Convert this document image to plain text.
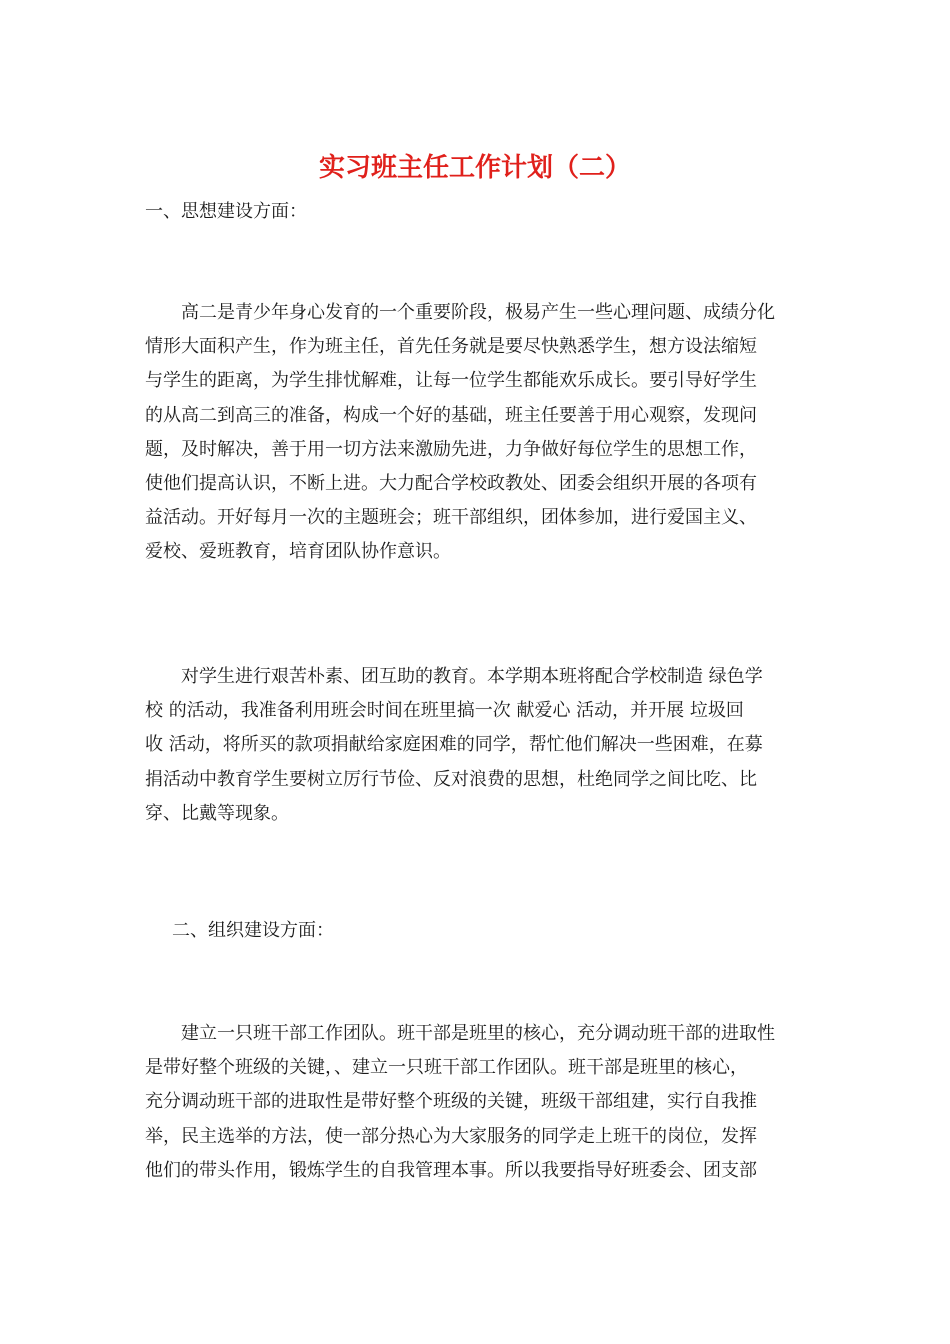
实习班主任工作计划（二）

一、思想建设方面：

　　高二是青少年身心发育的一个重要阶段，极易产生一些心理问题、成绩分化
情形大面积产生，作为班主任，首先任务就是要尽快熟悉学生，想方设法缩短
与学生的距离，为学生排忧解难，让每一位学生都能欢乐成长。要引导好学生
的从高二到高三的准备，构成一个好的基础，班主任要善于用心观察，发现问
题，及时解决，善于用一切方法来激励先进，力争做好每位学生的思想工作，
使他们提高认识，不断上进。大力配合学校政教处、团委会组织开展的各项有
益活动。开好每月一次的主题班会；班干部组织，团体参加，进行爱国主义、
爱校、爱班教育，培育团队协作意识。
　　对学生进行艰苦朴素、团互助的教育。本学期本班将配合学校制造 绿色学
校 的活动，我准备利用班会时间在班里搞一次 献爱心 活动，并开展 垃圾回
收 活动，将所买的款项捐献给家庭困难的同学，帮忙他们解决一些困难，在募
捐活动中教育学生要树立厉行节俭、反对浪费的思想，杜绝同学之间比吃、比
穿、比戴等现象。

二、组织建设方面：

　　建立一只班干部工作团队。班干部是班里的核心，充分调动班干部的进取性
是带好整个班级的关键，、建立一只班干部工作团队。班干部是班里的核心，
充分调动班干部的进取性是带好整个班级的关键，班级干部组建，实行自我推
举，民主选举的方法，使一部分热心为大家服务的同学走上班干的岗位，发挥
他们的带头作用，锻炼学生的自我管理本事。所以我要指导好班委会、团支部
